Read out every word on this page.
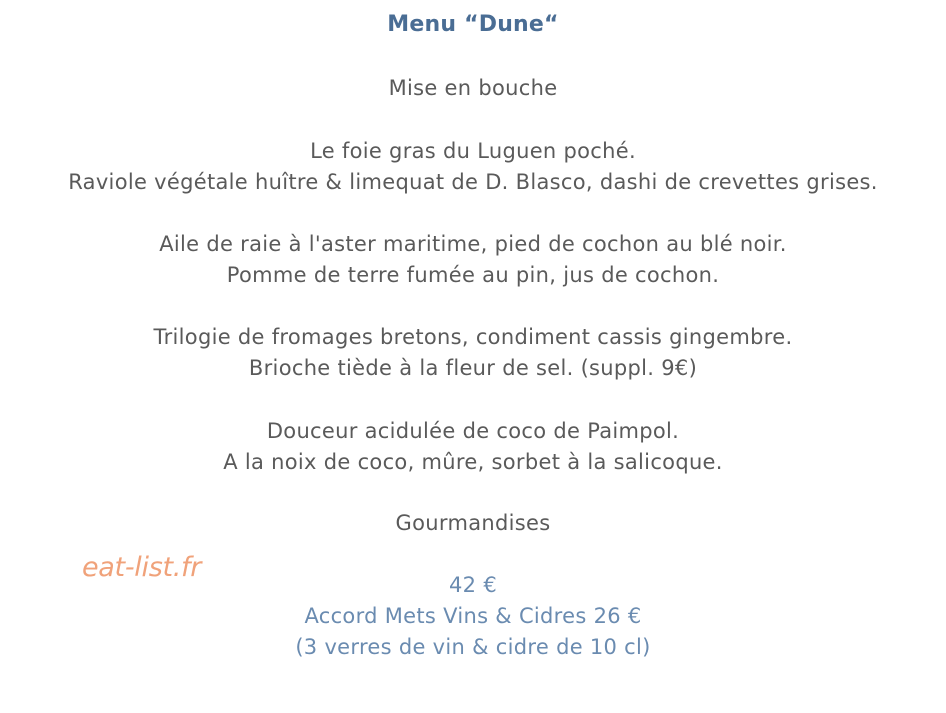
Menu “Dune“
Mise en bouche
Le foie gras du Luguen poché.
Raviole végétale huître & limequat de D. Blasco, dashi de crevettes grises.
Aile de raie à l'aster maritime, pied de cochon au blé noir.
Pomme de terre fumée au pin, jus de cochon.
Trilogie de fromages bretons, condiment cassis gingembre.
Brioche tiède à la fleur de sel. (suppl. 9€)
Douceur acidulée de coco de Paimpol.
A la noix de coco, mûre, sorbet à la salicoque.
Gourmandises
42 €
Accord Mets Vins & Cidres 26 €
(3 verres de vin & cidre de 10 cl)
eat-list.fr
